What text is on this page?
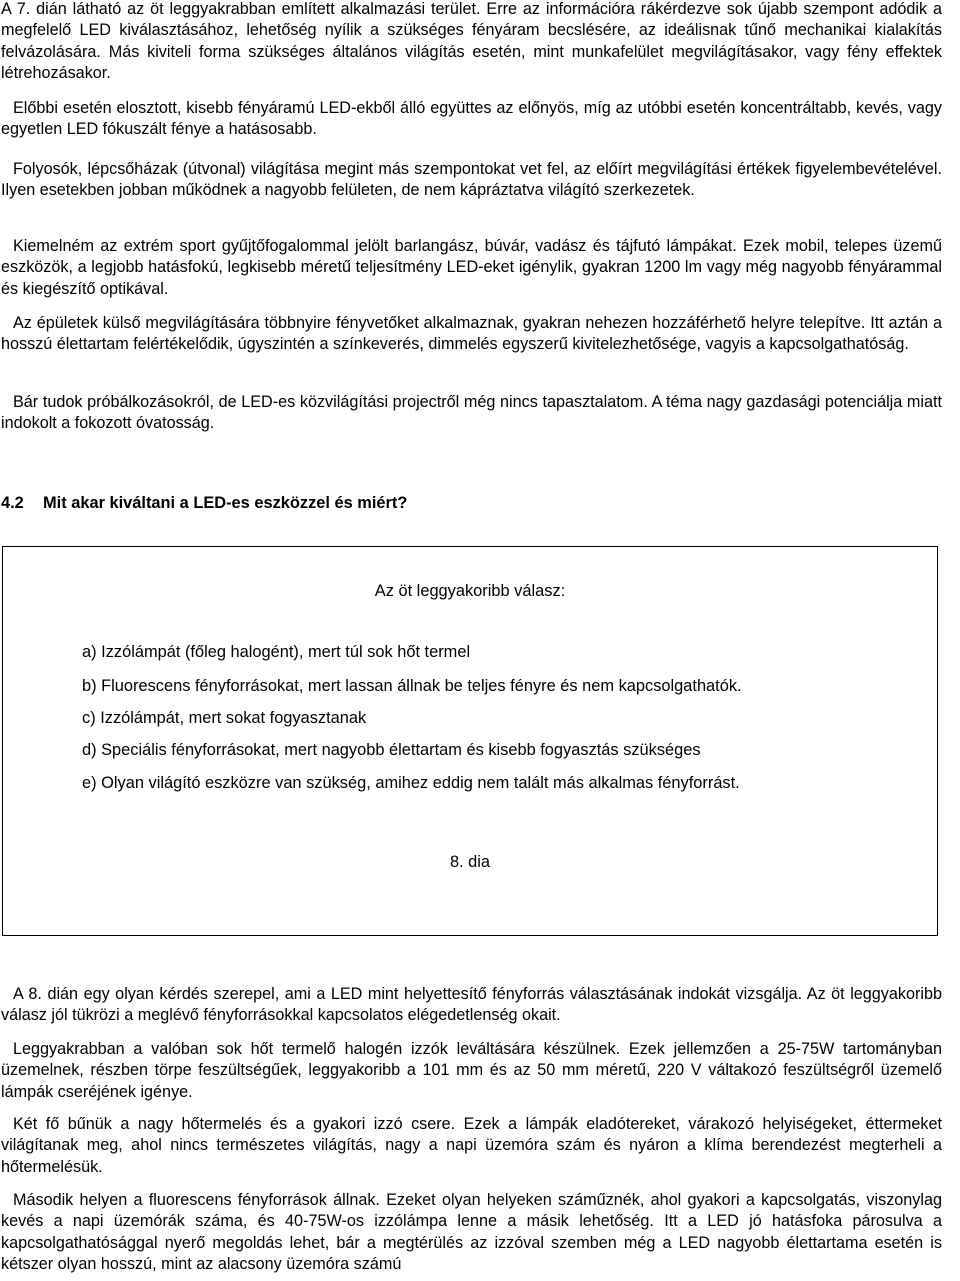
A 7. dián látható az öt leggyakrabban említett alkalmazási terület. Erre az információra rákérdezve sok újabb szempont adódik a megfelelő LED kiválasztásához, lehetőség nyílik a szükséges fényáram becslésére, az ideálisnak tűnő mechanikai kialakítás felvázolására. Más kiviteli forma szükséges általános világítás esetén, mint munkafelület megvilágításakor, vagy fény effektek létrehozásakor.

Előbbi esetén elosztott, kisebb fényáramú LED-ekből álló együttes az előnyös, míg az utóbbi esetén koncentráltabb, kevés, vagy egyetlen LED fókuszált fénye a hatásosabb.

Folyosók, lépcsőházak (útvonal) világítása megint más szempontokat vet fel, az előírt megvilágítási értékek figyelembevételével. Ilyen esetekben jobban működnek a nagyobb felületen, de nem kápráztatva világító szerkezetek.

Kiemelném az extrém sport gyűjtőfogalommal jelölt barlangász, búvár, vadász és tájfutó lámpákat. Ezek mobil, telepes üzemű eszközök, a legjobb hatásfokú, legkisebb méretű teljesítmény LED-eket igénylik, gyakran 1200 lm vagy még nagyobb fényárammal és kiegészítő optikával.

Az épületek külső megvilágítására többnyire fényvetőket alkalmaznak, gyakran nehezen hozzáférhető helyre telepítve. Itt aztán a hosszú élettartam felértékelődik, úgyszintén a színkeverés, dimmelés egyszerű kivitelezhetősége, vagyis a kapcsolgathatóság.

Bár tudok próbálkozásokról, de LED-es közvilágítási projectről még nincs tapasztalatom. A téma nagy gazdasági potenciálja miatt indokolt a fokozott óvatosság.

4.2 Mit akar kiváltani a LED-es eszközzel és miért?

Az öt leggyakoribb válasz:

a) Izzólámpát (főleg halogént), mert túl sok hőt termel

b) Fluorescens fényforrásokat, mert lassan állnak be teljes fényre és nem kapcsolgathatók.

c) Izzólámpát, mert sokat fogyasztanak

d) Speciális fényforrásokat, mert nagyobb élettartam és kisebb fogyasztás szükséges

e) Olyan világító eszközre van szükség, amihez eddig nem talált más alkalmas fényforrást.

8. dia

A 8. dián egy olyan kérdés szerepel, ami a LED mint helyettesítő fényforrás választásának indokát vizsgálja. Az öt leggyakoribb válasz jól tükrözi a meglévő fényforrásokkal kapcsolatos elégedetlenség okait.

Leggyakrabban a valóban sok hőt termelő halogén izzók leváltására készülnek. Ezek jellemzően a 25-75W tartományban üzemelnek, részben törpe feszültségűek, leggyakoribb a 101 mm és az 50 mm méretű, 220 V váltakozó feszültségről üzemelő lámpák cseréjének igénye.

Két fő bűnük a nagy hőtermelés és a gyakori izzó csere. Ezek a lámpák eladótereket, várakozó helyiségeket, éttermeket világítanak meg, ahol nincs természetes világítás, nagy a napi üzemóra szám és nyáron a klíma berendezést megterheli a hőtermelésük.

Második helyen a fluorescens fényforrások állnak. Ezeket olyan helyeken száműznék, ahol gyakori a kapcsolgatás, viszonylag kevés a napi üzemórák száma, és 40-75W-os izzólámpa lenne a másik lehetőség. Itt a LED jó hatásfoka párosulva a kapcsolgathatósággal nyerő megoldás lehet, bár a megtérülés az izzóval szemben még a LED nagyobb élettartama esetén is kétszer olyan hosszú, mint az alacsony üzemóra számú
